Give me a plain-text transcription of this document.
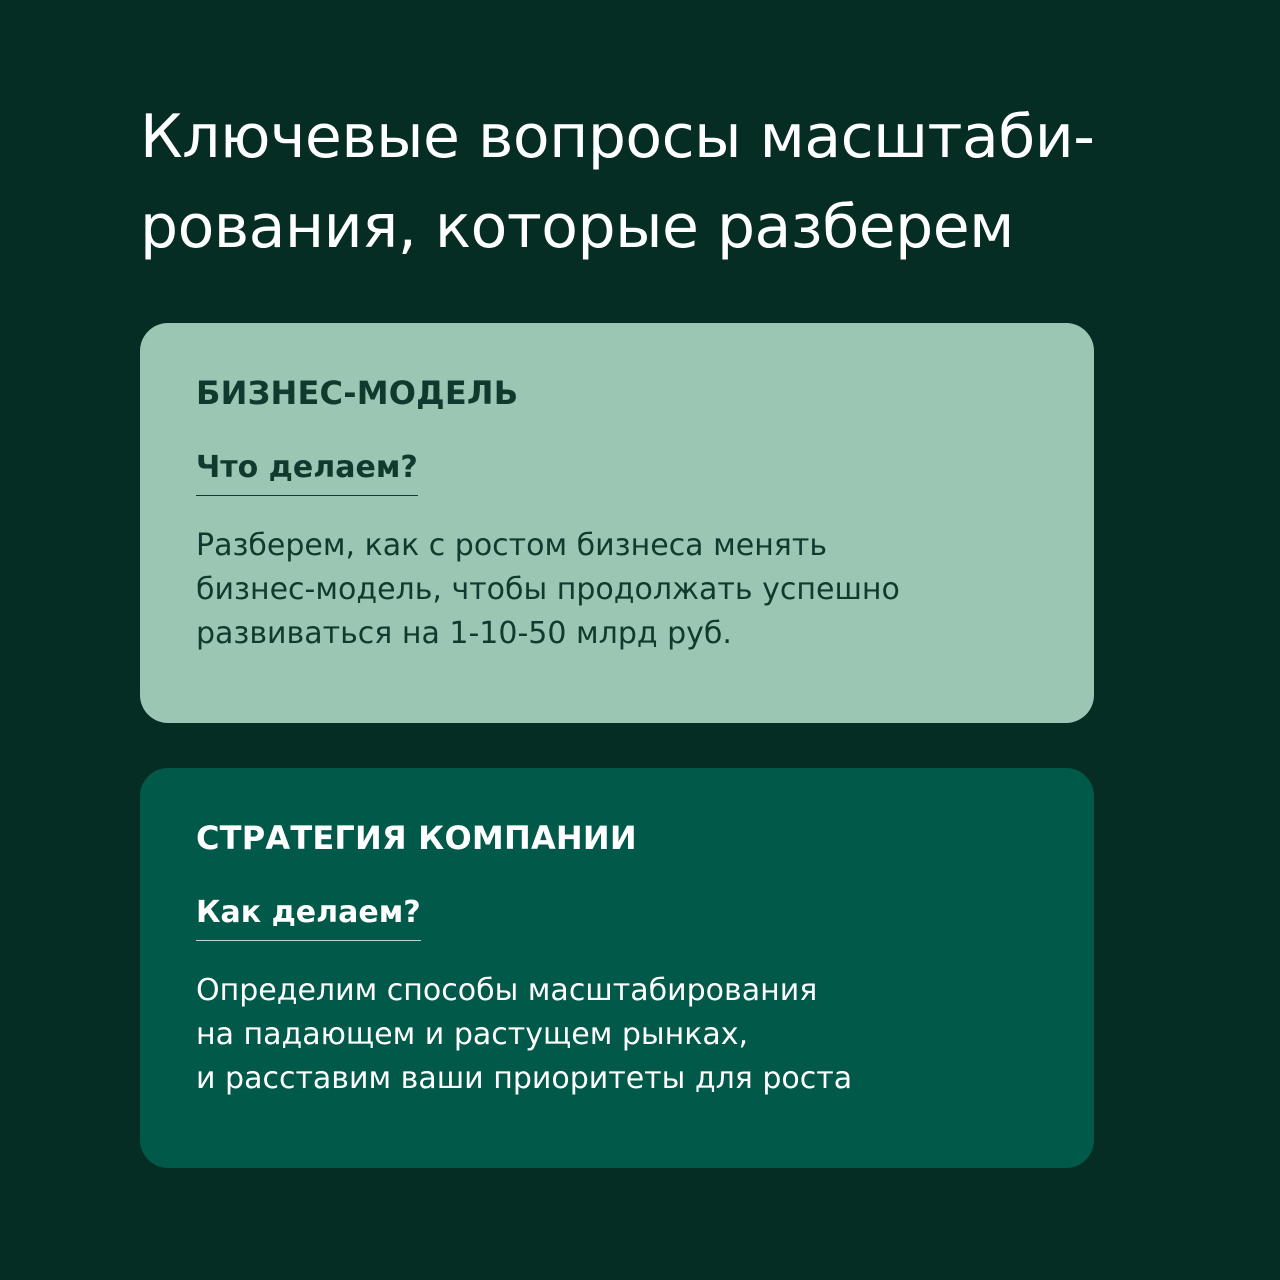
Ключевые вопросы масштаби-
рования, которые разберем
БИЗНЕС-МОДЕЛЬ
Что делаем?
Разберем, как с ростом бизнеса менять
бизнес-модель, чтобы продолжать успешно
развиваться на 1-10-50 млрд руб.
СТРАТЕГИЯ КОМПАНИИ
Как делаем?
Определим способы масштабирования
на падающем и растущем рынках,
и расставим ваши приоритеты для роста
